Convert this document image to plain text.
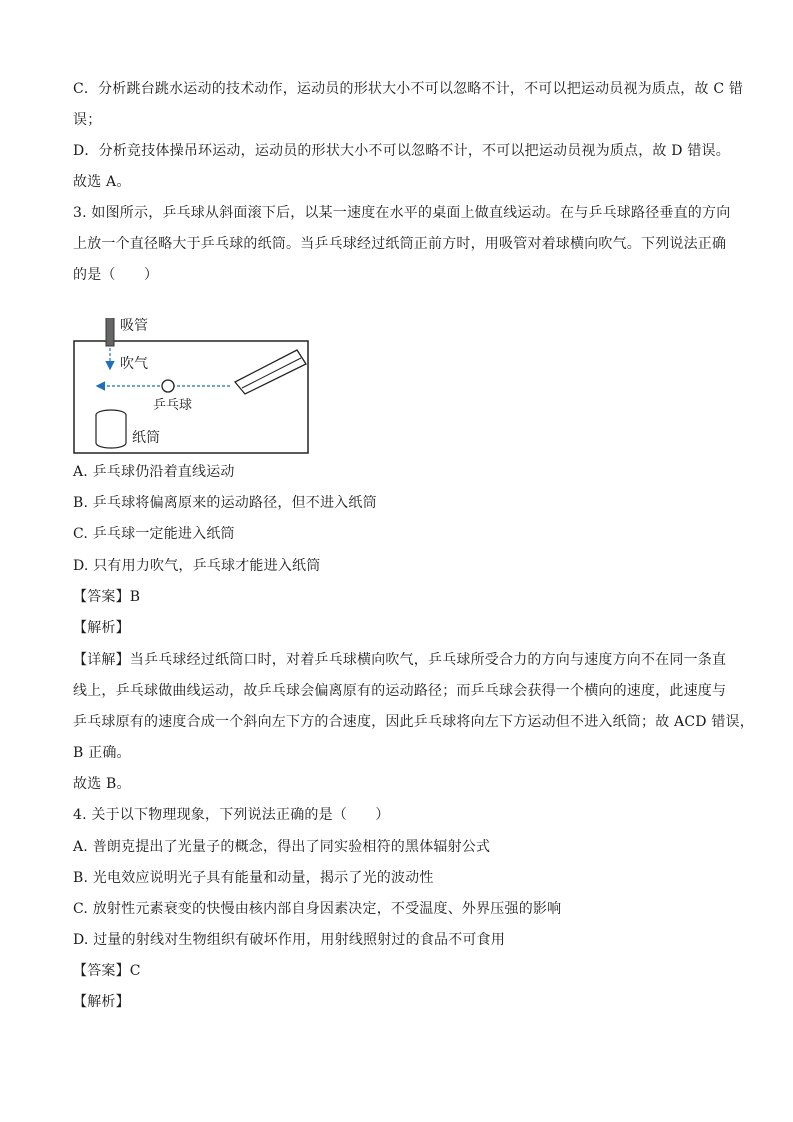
C．分析跳台跳水运动的技术动作，运动员的形状大小不可以忽略不计，不可以把运动员视为质点，故 C 错
误；
D．分析竞技体操吊环运动，运动员的形状大小不可以忽略不计，不可以把运动员视为质点，故 D 错误。
故选 A。
3. 如图所示，乒乓球从斜面滚下后，以某一速度在水平的桌面上做直线运动。在与乒乓球路径垂直的方向
上放一个直径略大于乒乓球的纸筒。当乒乓球经过纸筒正前方时，用吸管对着球横向吹气。下列说法正确
的是（　　）
吸管
吹气
乒乓球
纸筒
A. 乒乓球仍沿着直线运动
B. 乒乓球将偏离原来的运动路径，但不进入纸筒
C. 乒乓球一定能进入纸筒
D. 只有用力吹气，乒乓球才能进入纸筒
【答案】B
【解析】
【详解】当乒乓球经过纸筒口时，对着乒乓球横向吹气，乒乓球所受合力的方向与速度方向不在同一条直
线上，乒乓球做曲线运动，故乒乓球会偏离原有的运动路径；而乒乓球会获得一个横向的速度，此速度与
乒乓球原有的速度合成一个斜向左下方的合速度，因此乒乓球将向左下方运动但不进入纸筒；故 ACD 错误，
B 正确。
故选 B。
4. 关于以下物理现象，下列说法正确的是（　　）
A. 普朗克提出了光量子的概念，得出了同实验相符的黑体辐射公式
B. 光电效应说明光子具有能量和动量，揭示了光的波动性
C. 放射性元素衰变的快慢由核内部自身因素决定，不受温度、外界压强的影响
D. 过量的射线对生物组织有破坏作用，用射线照射过的食品不可食用
【答案】C
【解析】
